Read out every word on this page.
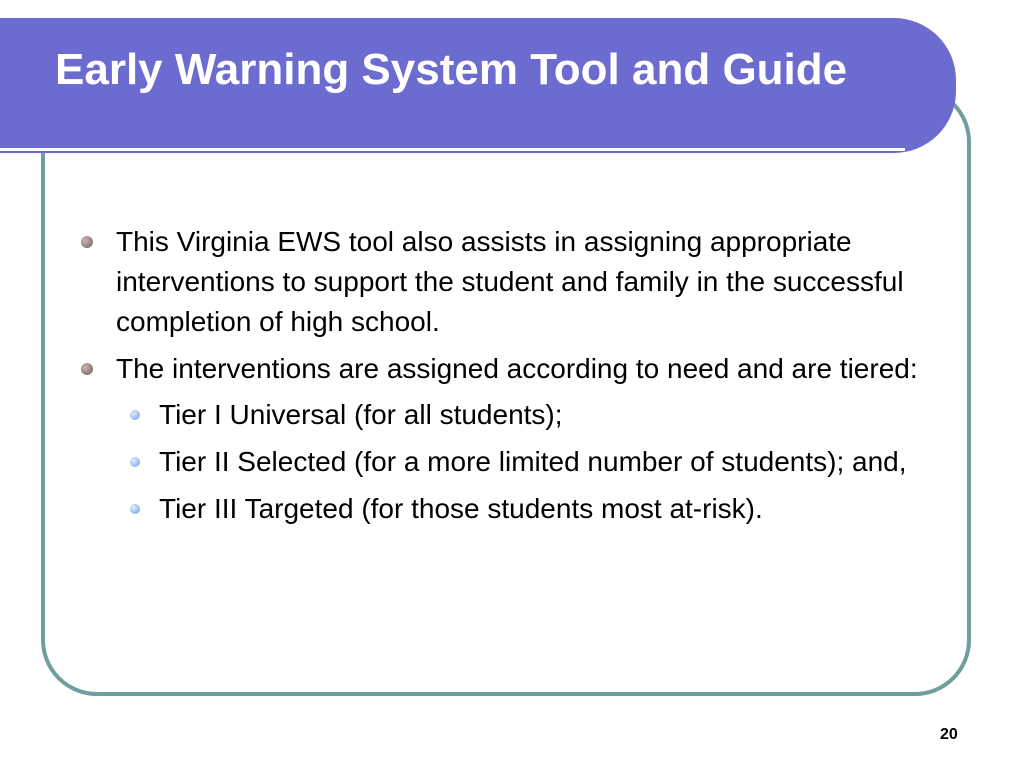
Early Warning System Tool and Guide
This Virginia EWS tool also assists in assigning appropriate interventions to support the student and family in the successful completion of high school.
The interventions are assigned according to need and are tiered:
Tier I Universal (for all students);
Tier II Selected (for a more limited number of students); and,
Tier III Targeted (for those students most at-risk).
20
